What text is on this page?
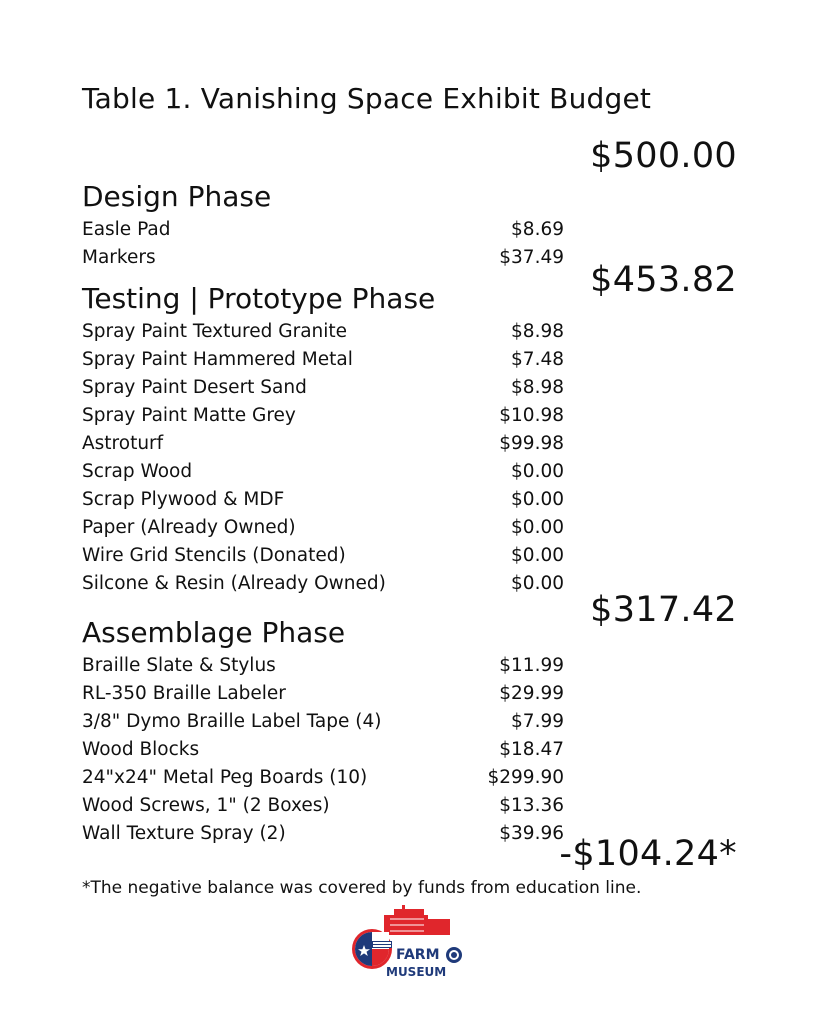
Table 1. Vanishing Space Exhibit Budget
$500.00
Design Phase
Easle Pad	$8.69
Markers	$37.49
$453.82
Testing | Prototype Phase
Spray Paint Textured Granite	$8.98
Spray Paint Hammered Metal	$7.48
Spray Paint Desert Sand	$8.98
Spray Paint Matte Grey	$10.98
Astroturf	$99.98
Scrap Wood	$0.00
Scrap Plywood & MDF	$0.00
Paper (Already Owned)	$0.00
Wire Grid Stencils (Donated)	$0.00
Silcone & Resin (Already Owned)	$0.00
$317.42
Assemblage Phase
Braille Slate & Stylus	$11.99
RL-350 Braille Labeler	$29.99
3/8" Dymo Braille Label Tape (4)	$7.99
Wood Blocks	$18.47
24"x24" Metal Peg Boards (10)	$299.90
Wood Screws, 1" (2 Boxes)	$13.36
Wall Texture Spray (2)	$39.96
-$104.24*
*The negative balance was covered by funds from education line.
FARM
MUSEUM
